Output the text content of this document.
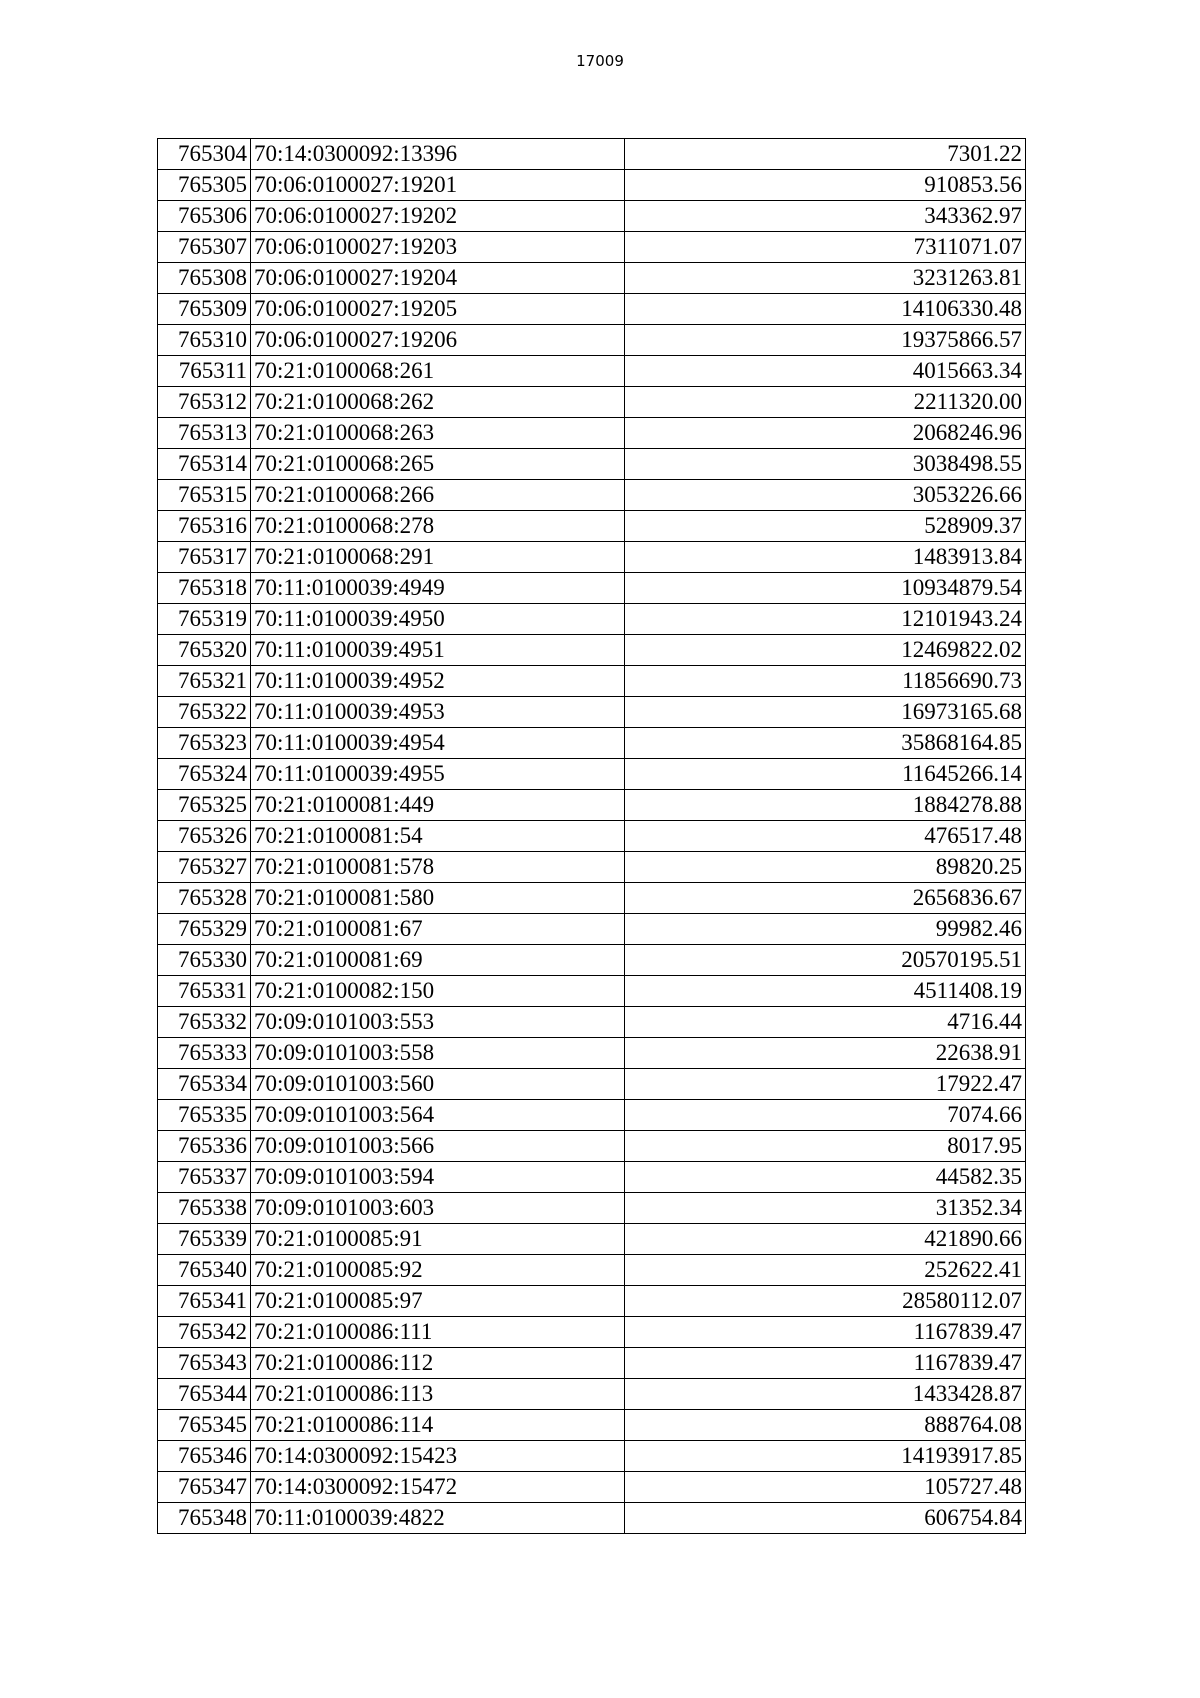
17009
765304	70:14:0300092:13396	7301.22
765305	70:06:0100027:19201	910853.56
765306	70:06:0100027:19202	343362.97
765307	70:06:0100027:19203	7311071.07
765308	70:06:0100027:19204	3231263.81
765309	70:06:0100027:19205	14106330.48
765310	70:06:0100027:19206	19375866.57
765311	70:21:0100068:261	4015663.34
765312	70:21:0100068:262	2211320.00
765313	70:21:0100068:263	2068246.96
765314	70:21:0100068:265	3038498.55
765315	70:21:0100068:266	3053226.66
765316	70:21:0100068:278	528909.37
765317	70:21:0100068:291	1483913.84
765318	70:11:0100039:4949	10934879.54
765319	70:11:0100039:4950	12101943.24
765320	70:11:0100039:4951	12469822.02
765321	70:11:0100039:4952	11856690.73
765322	70:11:0100039:4953	16973165.68
765323	70:11:0100039:4954	35868164.85
765324	70:11:0100039:4955	11645266.14
765325	70:21:0100081:449	1884278.88
765326	70:21:0100081:54	476517.48
765327	70:21:0100081:578	89820.25
765328	70:21:0100081:580	2656836.67
765329	70:21:0100081:67	99982.46
765330	70:21:0100081:69	20570195.51
765331	70:21:0100082:150	4511408.19
765332	70:09:0101003:553	4716.44
765333	70:09:0101003:558	22638.91
765334	70:09:0101003:560	17922.47
765335	70:09:0101003:564	7074.66
765336	70:09:0101003:566	8017.95
765337	70:09:0101003:594	44582.35
765338	70:09:0101003:603	31352.34
765339	70:21:0100085:91	421890.66
765340	70:21:0100085:92	252622.41
765341	70:21:0100085:97	28580112.07
765342	70:21:0100086:111	1167839.47
765343	70:21:0100086:112	1167839.47
765344	70:21:0100086:113	1433428.87
765345	70:21:0100086:114	888764.08
765346	70:14:0300092:15423	14193917.85
765347	70:14:0300092:15472	105727.48
765348	70:11:0100039:4822	606754.84
